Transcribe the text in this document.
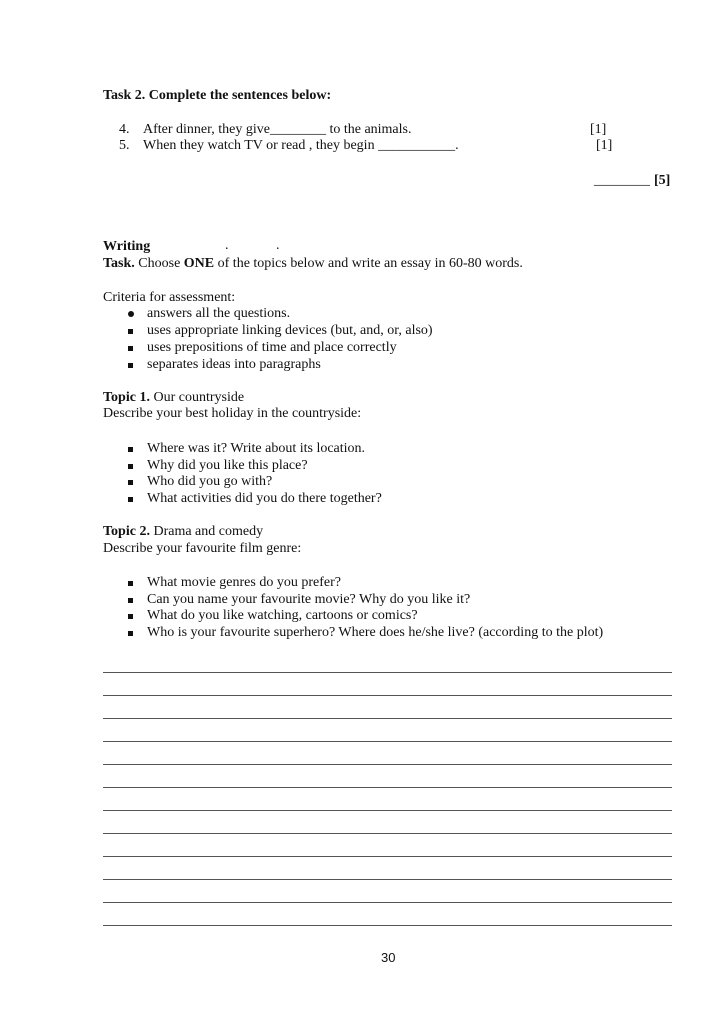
Task 2. Complete the sentences below:
4. After dinner, they give________ to the animals.	[1]
5. When they watch TV or read , they begin ___________.	[1]
________ [5]
Writing	.	.
Task. Choose ONE of the topics below and write an essay in 60-80 words.
Criteria for assessment:
answers all the questions.
uses appropriate linking devices (but, and, or, also)
uses prepositions of time and place correctly
separates ideas into paragraphs
Topic 1. Our countryside
Describe your best holiday in the countryside:
Where was it? Write about its location.
Why did you like this place?
Who did you go with?
What activities did you do there together?
Topic 2. Drama and comedy
Describe your favourite film genre:
What movie genres do you prefer?
Can you name your favourite movie? Why do you like it?
What do you like watching, cartoons or comics?
Who is your favourite superhero? Where does he/she live? (according to the plot)
30
